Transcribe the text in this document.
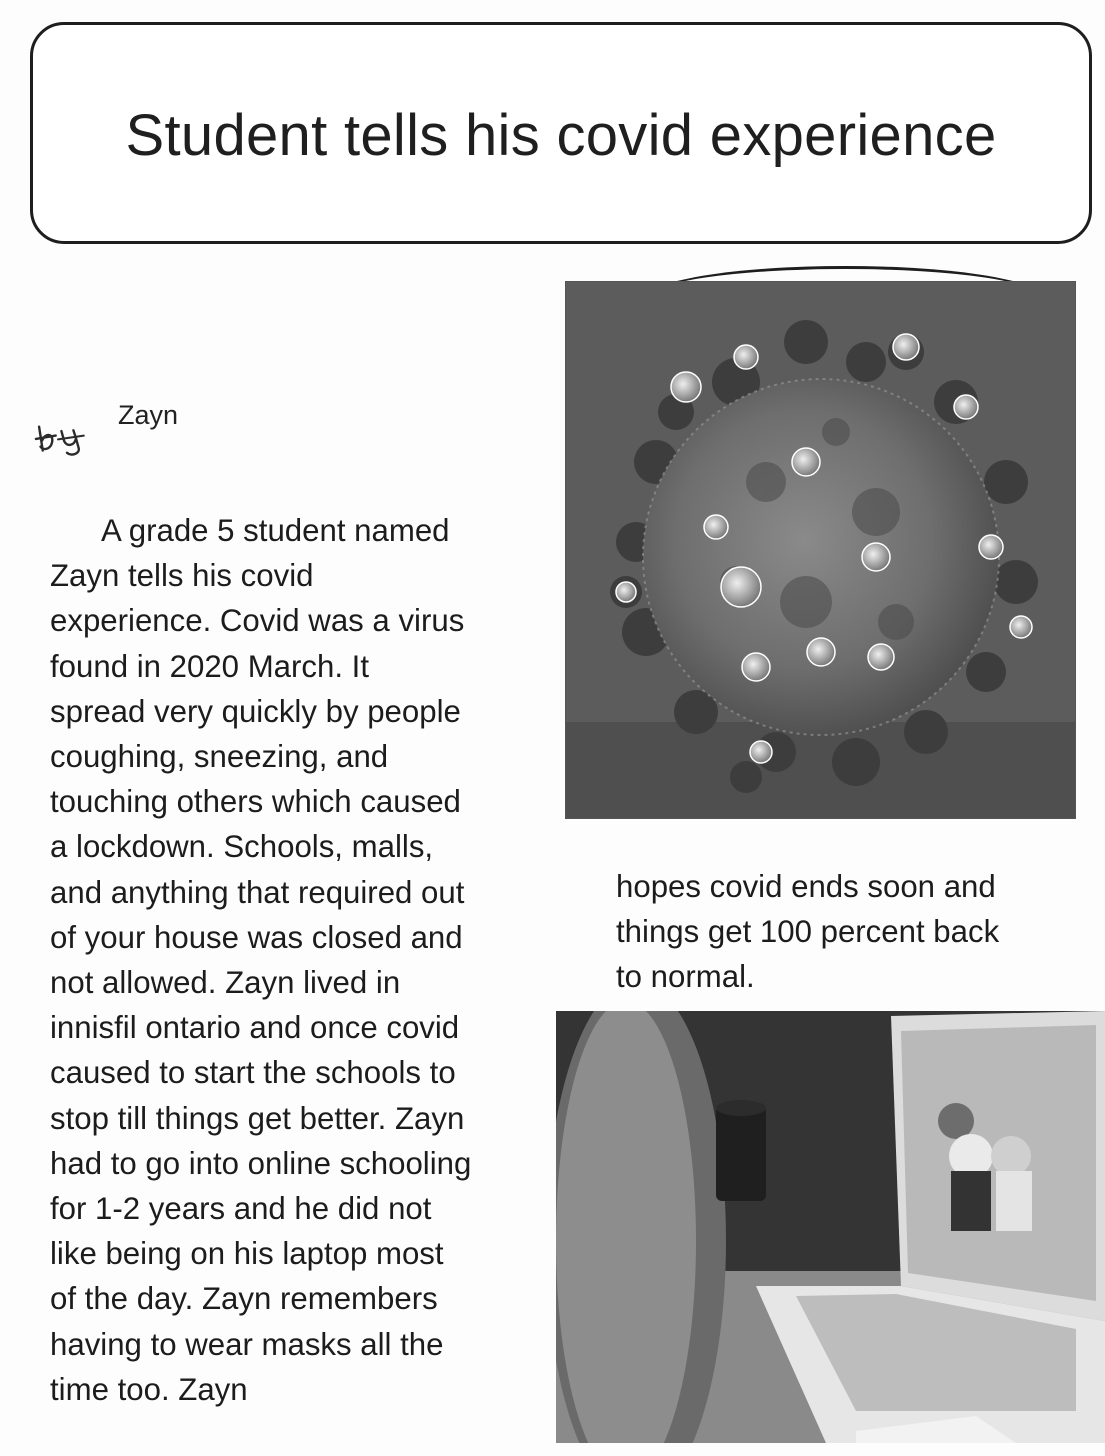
Student tells his covid experience
Zayn
A grade 5 student named
Zayn tells his covid
experience. Covid was a virus
found in 2020 March. It
spread very quickly by people
coughing, sneezing, and
touching others which caused
a lockdown. Schools, malls,
and anything that required out
of your house was closed and
not allowed. Zayn lived in
innisfil ontario and once covid
caused to start the schools to
stop till things get better. Zayn
had to go into online schooling
for 1-2 years and he did not
like being on his laptop most
of the day. Zayn remembers
having to wear masks all the
time too. Zayn
hopes covid ends soon and
things get 100 percent back
to normal.
